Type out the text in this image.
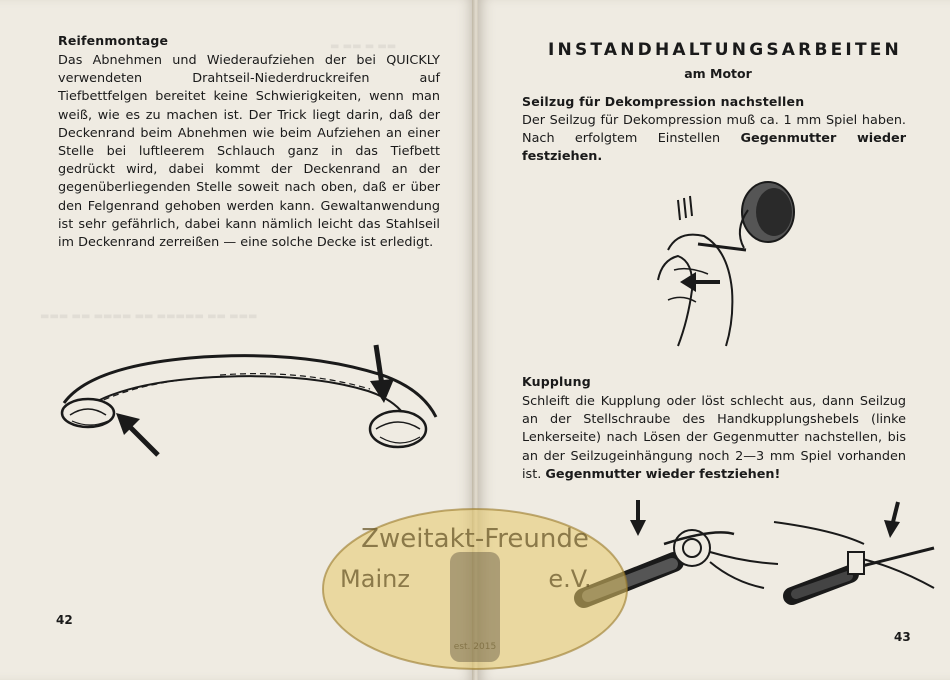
▬ ▬▬ ▬ ▬▬
Reifenmontage

Das Abnehmen und Wiederaufziehen der bei QUICKLY verwendeten Drahtseil-Niederdruckreifen auf Tiefbettfelgen bereitet keine Schwierigkeiten, wenn man weiß, wie es zu machen ist. Der Trick liegt darin, daß der Deckenrand beim Abnehmen wie beim Aufziehen an einer Stelle bei luftleerem Schlauch ganz in das Tiefbett gedrückt wird, dabei kommt der Deckenrand an der gegenüberliegenden Stelle soweit nach oben, daß er über den Felgenrand gehoben werden kann. Gewaltanwendung ist sehr gefährlich, dabei kann nämlich leicht das Stahlseil im Deckenrand zerreißen — eine solche Decke ist erledigt.

▬▬▬ ▬▬ ▬▬▬▬ ▬▬ ▬▬▬▬▬ ▬▬ ▬▬▬
42
INSTANDHALTUNGSARBEITEN
am Motor
Seilzug für Dekompression nachstellen

Der Seilzug für Dekompression muß ca. 1 mm Spiel haben. Nach erfolgtem Einstellen Gegenmutter wieder festziehen.

Kupplung

Schleift die Kupplung oder löst schlecht aus, dann Seilzug an der Stellschraube des Handkupplungshebels (linke Lenkerseite) nach Lösen der Gegenmutter nachstellen, bis an der Seilzugeinhängung noch 2—3 mm Spiel vorhanden ist. Gegenmutter wieder festziehen!

43
Zweitakt-Freunde
Mainz	e.V.
est. 2015
